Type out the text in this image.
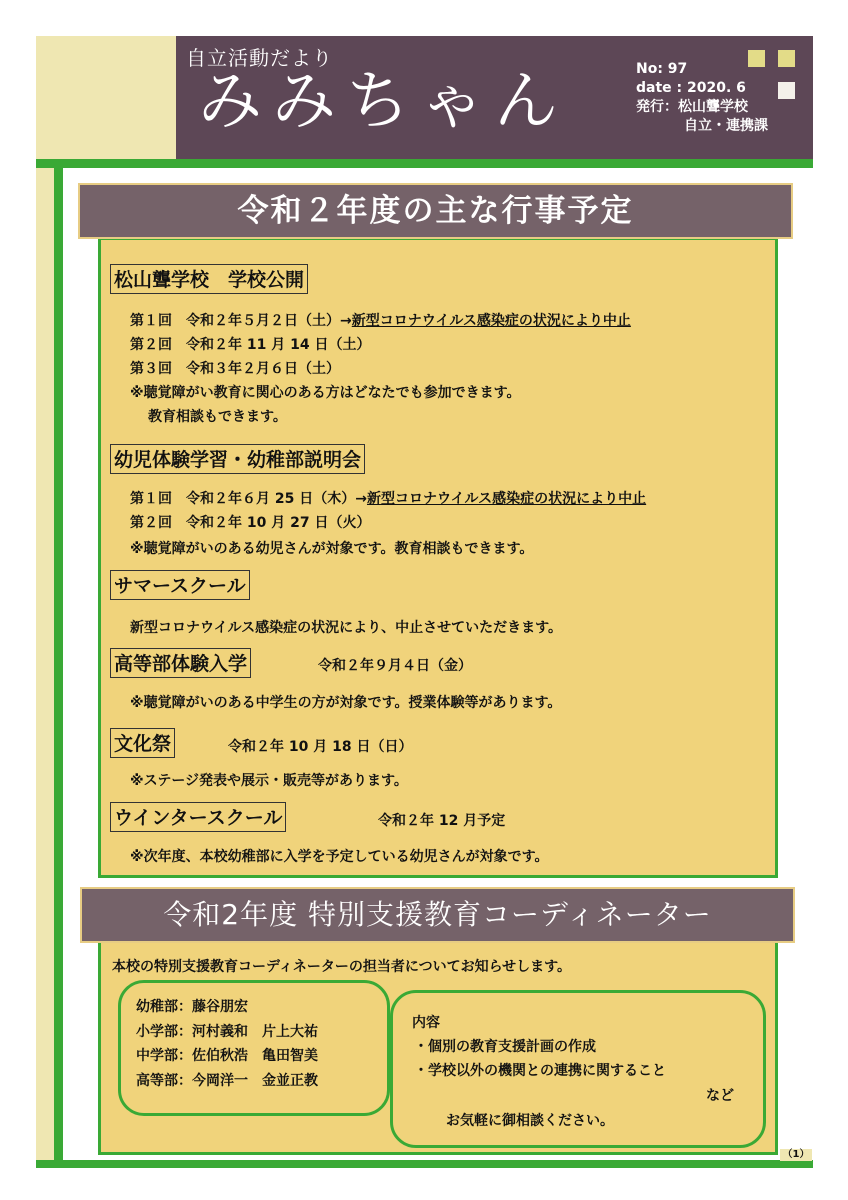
自立活動だより
みみちゃん	No: 97
date : 2020. 6
発行：松山聾学校
自立・連携課
令和２年度の主な行事予定
松山聾学校　学校公開
第１回　令和２年５月２日（土）→新型コロナウイルス感染症の状況により中止
第２回　令和２年 11 月 14 日（土）
第３回　令和３年２月６日（土）
※聴覚障がい教育に関心のある方はどなたでも参加できます。
教育相談もできます。
幼児体験学習・幼稚部説明会
第１回　令和２年６月 25 日（木）→新型コロナウイルス感染症の状況により中止
第２回　令和２年 10 月 27 日（火）
※聴覚障がいのある幼児さんが対象です。教育相談もできます。
サマースクール
新型コロナウイルス感染症の状況により、中止させていただきます。
高等部体験入学	令和２年９月４日（金）
※聴覚障がいのある中学生の方が対象です。授業体験等があります。
文化祭	令和２年 10 月 18 日（日）
※ステージ発表や展示・販売等があります。
ウインタースクール	令和２年 12 月予定
※次年度、本校幼稚部に入学を予定している幼児さんが対象です。
令和2年度 特別支援教育コーディネーター
本校の特別支援教育コーディネーターの担当者についてお知らせします。
幼稚部：藤谷朋宏
小学部：河村義和　片上大祐
中学部：佐伯秋浩　亀田智美
高等部：今岡洋一　金並正教
内容
・個別の教育支援計画の作成
・学校以外の機関との連携に関すること
など
お気軽に御相談ください。
（1）
